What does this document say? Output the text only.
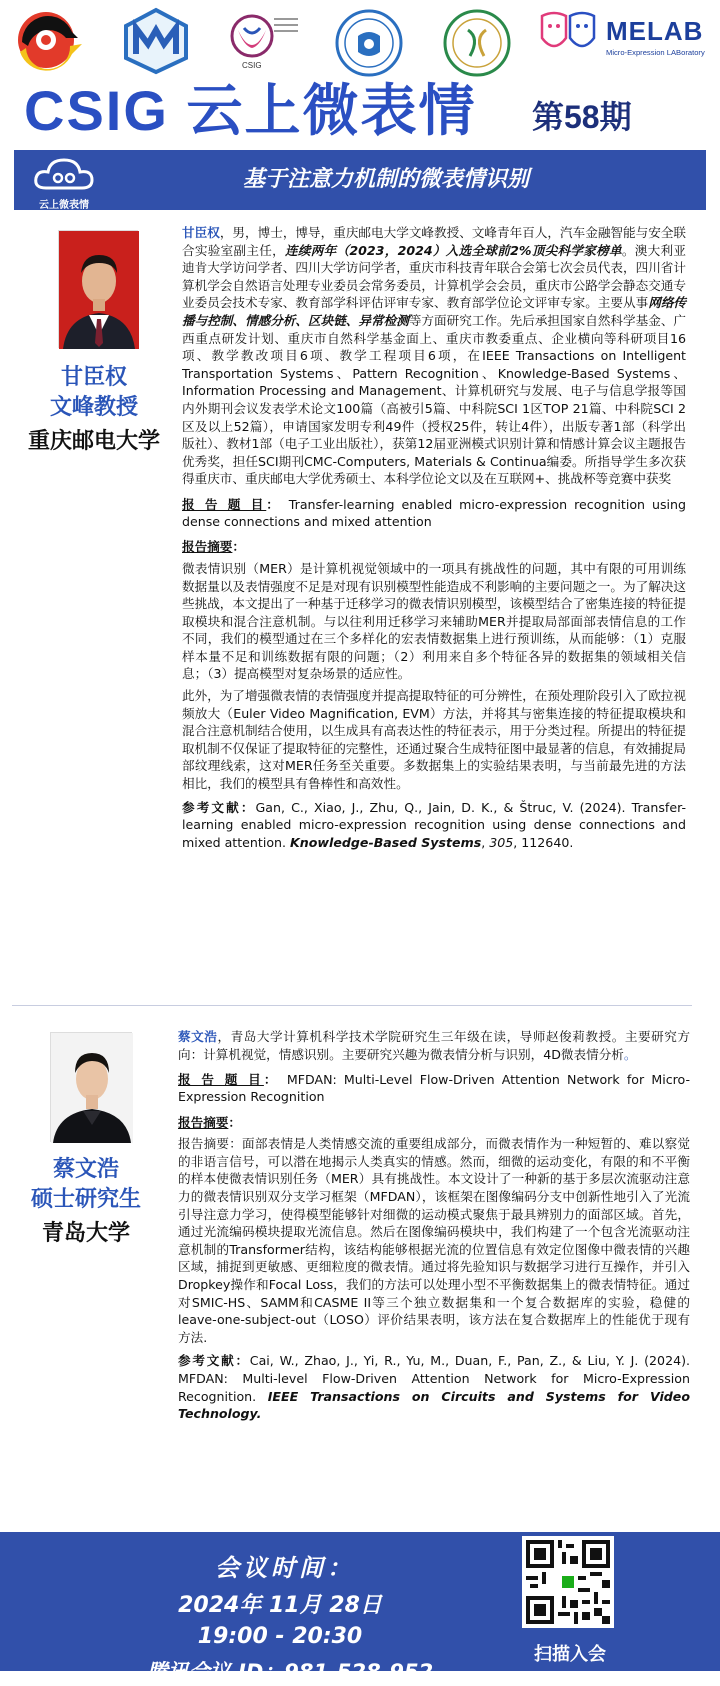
CSIG
MELAB
Micro-Expression LABoratory
CSIG 云上微表情	第58期
云上微表情
基于注意力机制的微表情识别
甘臣权
文峰教授
重庆邮电大学

甘臣权，男，博士，博导，重庆邮电大学文峰教授、文峰青年百人，汽车金融智能与安全联合实验室副主任，连续两年（2023，2024）入选全球前2%顶尖科学家榜单。澳大利亚迪肯大学访问学者、四川大学访问学者，重庆市科技青年联合会第七次会员代表，四川省计算机学会自然语言处理专业委员会常务委员，计算机学会会员，重庆市公路学会静态交通专业委员会技术专家、教育部学科评估评审专家、教育部学位论文评审专家。主要从事网络传播与控制、情感分析、区块链、异常检测等方面研究工作。先后承担国家自然科学基金、广西重点研发计划、重庆市自然科学基金面上、重庆市教委重点、企业横向等科研项目16项、教学教改项目6项、教学工程项目6项，在IEEE Transactions on Intelligent Transportation Systems、Pattern Recognition、Knowledge-Based Systems、Information Processing and Management、计算机研究与发展、电子与信息学报等国内外期刊会议发表学术论文100篇（高被引5篇、中科院SCI 1区TOP 21篇、中科院SCI 2区及以上52篇），申请国家发明专利49件（授权25件，转让4件），出版专著1部（科学出版社）、教材1部（电子工业出版社），获第12届亚洲模式识别计算和情感计算会议主题报告优秀奖，担任SCI期刊CMC-Computers, Materials & Continua编委。所指导学生多次获得重庆市、重庆邮电大学优秀硕士、本科学位论文以及在互联网+、挑战杯等竞赛中获奖

报 告 题 目： Transfer-learning enabled micro-expression recognition using dense connections and mixed attention

报告摘要：

微表情识别（MER）是计算机视觉领域中的一项具有挑战性的问题，其中有限的可用训练数据量以及表情强度不足是对现有识别模型性能造成不利影响的主要问题之一。为了解决这些挑战，本文提出了一种基于迁移学习的微表情识别模型，该模型结合了密集连接的特征提取模块和混合注意机制。与以往利用迁移学习来辅助MER并提取局部面部表情信息的工作不同，我们的模型通过在三个多样化的宏表情数据集上进行预训练，从而能够：（1）克服样本量不足和训练数据有限的问题；（2）利用来自多个特征各异的数据集的领域相关信息；（3）提高模型对复杂场景的适应性。

此外，为了增强微表情的表情强度并提高提取特征的可分辨性，在预处理阶段引入了欧拉视频放大（Euler Video Magnification, EVM）方法，并将其与密集连接的特征提取模块和混合注意机制结合使用，以生成具有高表达性的特征表示，用于分类过程。所提出的特征提取机制不仅保证了提取特征的完整性，还通过聚合生成特征图中最显著的信息，有效捕捉局部纹理线索，这对MER任务至关重要。多数据集上的实验结果表明，与当前最先进的方法相比，我们的模型具有鲁棒性和高效性。

参考文献：Gan, C., Xiao, J., Zhu, Q., Jain, D. K., & Štruc, V. (2024). Transfer-learning enabled micro-expression recognition using dense connections and mixed attention. Knowledge-Based Systems, 305, 112640.

蔡文浩
硕士研究生
青岛大学

蔡文浩，青岛大学计算机科学技术学院研究生三年级在读，导师赵俊莉教授。主要研究方向：计算机视觉，情感识别。主要研究兴趣为微表情分析与识别，4D微表情分析。

报 告 题 目： MFDAN: Multi-Level Flow-Driven Attention Network for Micro-Expression Recognition

报告摘要：

报告摘要：面部表情是人类情感交流的重要组成部分，而微表情作为一种短暂的、难以察觉的非语言信号，可以潜在地揭示人类真实的情感。然而，细微的运动变化，有限的和不平衡的样本使微表情识别任务（MER）具有挑战性。本文设计了一种新的基于多层次流驱动注意力的微表情识别双分支学习框架（MFDAN），该框架在图像编码分支中创新性地引入了光流引导注意力学习，使得模型能够针对细微的运动模式聚焦于最具辨别力的面部区域。首先，通过光流编码模块提取光流信息。然后在图像编码模块中，我们构建了一个包含光流驱动注意机制的Transformer结构，该结构能够根据光流的位置信息有效定位图像中微表情的兴趣区域，捕捉到更敏感、更细粒度的微表情。通过将先验知识与数据学习进行互操作，并引入Dropkey操作和Focal Loss，我们的方法可以处理小型不平衡数据集上的微表情特征。通过对SMIC-HS、SAMM和CASME II等三个独立数据集和一个复合数据库的实验，稳健的leave-one-subject-out（LOSO）评价结果表明，该方法在复合数据库上的性能优于现有方法.

参考文献：Cai, W., Zhao, J., Yi, R., Yu, M., Duan, F., Pan, Z., & Liu, Y. J. (2024). MFDAN: Multi-level Flow-Driven Attention Network for Micro-Expression Recognition. IEEE Transactions on Circuits and Systems for Video Technology.

会议时间：
2024年 11月 28日
19:00 - 20:30
腾讯会议 ID：981-528-952
扫描入会
